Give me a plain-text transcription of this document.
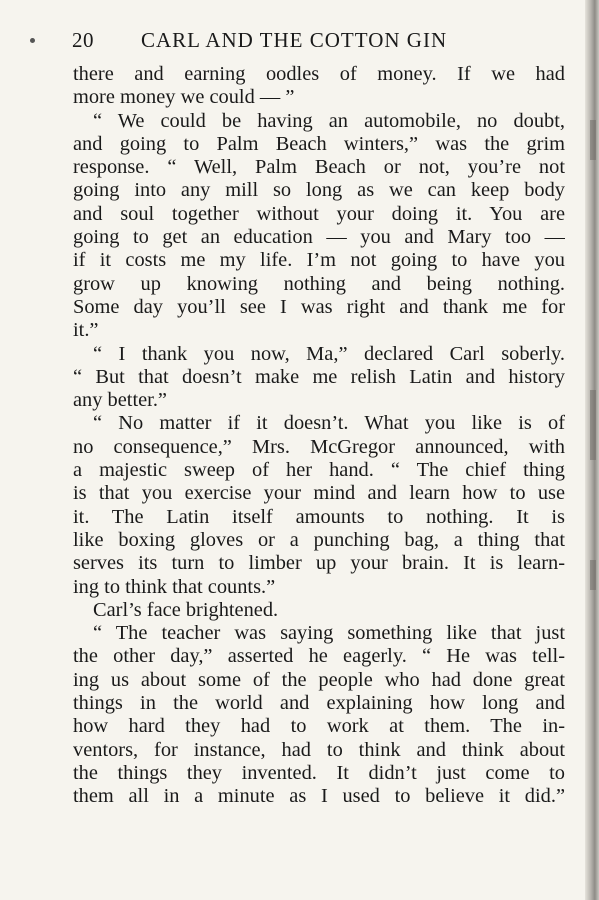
20 CARL AND THE COTTON GIN
there and earning oodles of money. If we had
more money we could — ”
“ We could be having an automobile, no doubt,
and going to Palm Beach winters,” was the grim
response. “ Well, Palm Beach or not, you’re not
going into any mill so long as we can keep body
and soul together without your doing it. You are
going to get an education — you and Mary too —
if it costs me my life. I’m not going to have you
grow up knowing nothing and being nothing.
Some day you’ll see I was right and thank me for
it.”
“ I thank you now, Ma,” declared Carl soberly.
“ But that doesn’t make me relish Latin and history
any better.”
“ No matter if it doesn’t. What you like is of
no consequence,” Mrs. McGregor announced, with
a majestic sweep of her hand. “ The chief thing
is that you exercise your mind and learn how to use
it. The Latin itself amounts to nothing. It is
like boxing gloves or a punching bag, a thing that
serves its turn to limber up your brain. It is learn-
ing to think that counts.”
Carl’s face brightened.
“ The teacher was saying something like that just
the other day,” asserted he eagerly. “ He was tell-
ing us about some of the people who had done great
things in the world and explaining how long and
how hard they had to work at them. The in-
ventors, for instance, had to think and think about
the things they invented. It didn’t just come to
them all in a minute as I used to believe it did.”
